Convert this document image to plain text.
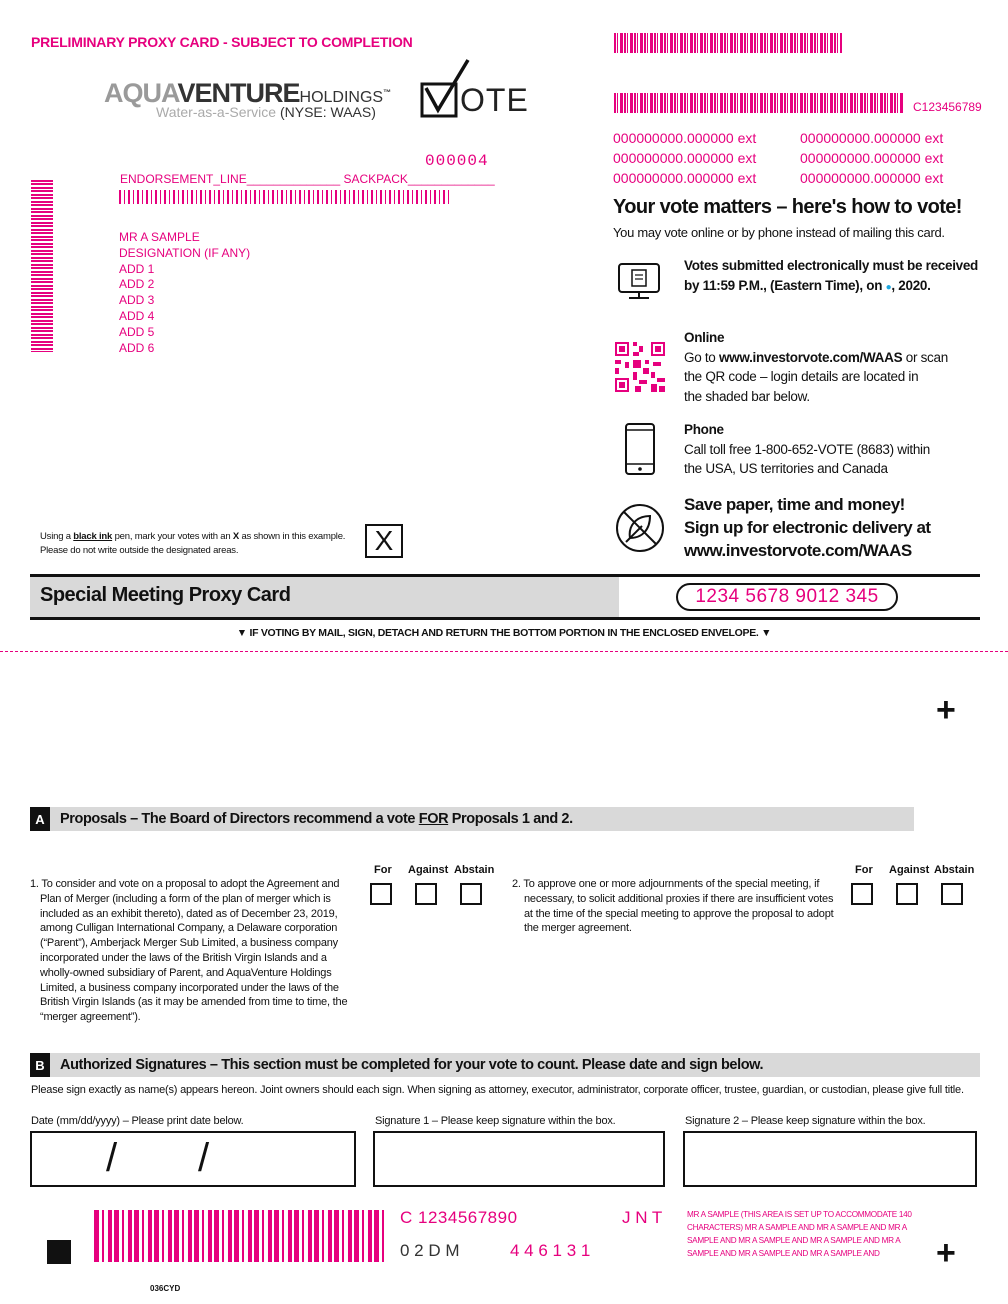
PRELIMINARY PROXY CARD - SUBJECT TO COMPLETION
AQUAVENTUREHOLDINGS™
Water-as-a-Service (NYSE: WAAS)	OTE	C123456789
000000000.000000 ext	000000000.000000 ext
000000000.000000 ext	000000000.000000 ext
000000000.000000 ext	000000000.000000 ext
000004
ENDORSEMENT_LINE______________ SACKPACK_____________
MR A SAMPLE
DESIGNATION (IF ANY)
ADD 1
ADD 2
ADD 3
ADD 4
ADD 5
ADD 6
Your vote matters – here's how to vote!
You may vote online or by phone instead of mailing this card.
Votes submitted electronically must be received
by 11:59 P.M., (Eastern Time), on ●, 2020.
Online
Go to www.investorvote.com/WAAS or scan
the QR code – login details are located in
the shaded bar below.
Phone
Call toll free 1-800-652-VOTE (8683) within
the USA, US territories and Canada
Save paper, time and money!
Sign up for electronic delivery at
www.investorvote.com/WAAS
Using a black ink pen, mark your votes with an X as shown in this example.
Please do not write outside the designated areas.	X
Special Meeting Proxy Card	1234 5678 9012 345
▼ IF VOTING BY MAIL, SIGN, DETACH AND RETURN THE BOTTOM PORTION IN THE ENCLOSED ENVELOPE. ▼
+
A	Proposals – The Board of Directors recommend a vote FOR Proposals 1 and 2.
1. To consider and vote on a proposal to adopt the Agreement and Plan of Merger (including a form of the plan of merger which is included as an exhibit thereto), dated as of December 23, 2019, among Culligan International Company, a Delaware corporation (“Parent”), Amberjack Merger Sub Limited, a business company incorporated under the laws of the British Virgin Islands and a wholly-owned subsidiary of Parent, and AquaVenture Holdings Limited, a business company incorporated under the laws of the British Virgin Islands (as it may be amended from time to time, the “merger agreement”).
For Against Abstain
2. To approve one or more adjournments of the special meeting, if necessary, to solicit additional proxies if there are insufficient votes at the time of the special meeting to approve the proposal to adopt the merger agreement.
For Against Abstain
B	Authorized Signatures – This section must be completed for your vote to count. Please date and sign below.
Please sign exactly as name(s) appears hereon. Joint owners should each sign. When signing as attorney, executor, administrator, corporate officer, trustee, guardian, or custodian, please give full title.
Date (mm/dd/yyyy) – Please print date below.	Signature 1 – Please keep signature within the box.	Signature 2 – Please keep signature within the box.
/ /
C 1234567890	J N T
0 2 D M	4 4 6 1 3 1
MR A SAMPLE (THIS AREA IS SET UP TO ACCOMMODATE 140 CHARACTERS) MR A SAMPLE AND MR A SAMPLE AND MR A SAMPLE AND MR A SAMPLE AND MR A SAMPLE AND MR A SAMPLE AND MR A SAMPLE AND MR A SAMPLE AND	+
036CYD
